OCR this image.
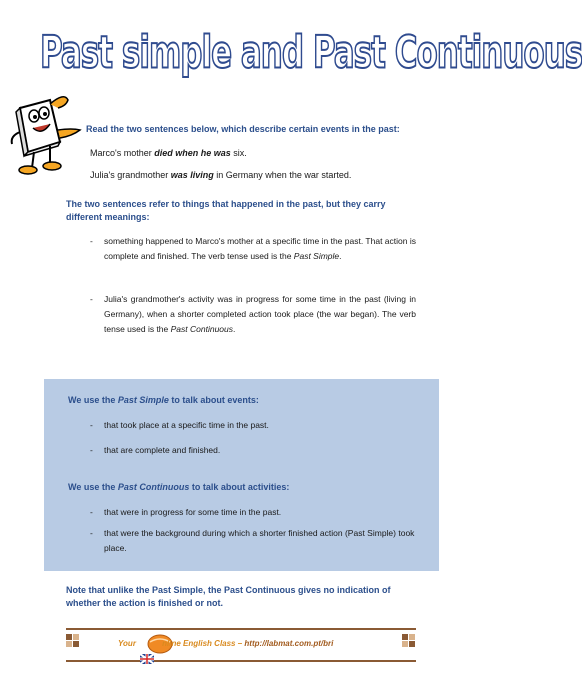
Past simple and Past Continuous
Read the two sentences below, which describe certain events in the past:
Marco's mother died when he was six.
Julia's grandmother was living in Germany when the war started.
The two sentences refer to things that happened in the past, but they carry different meanings:
- something happened to Marco's mother at a specific time in the past. That action is complete and finished. The verb tense used is the Past Simple.
- Julia's grandmother's activity was in progress for some time in the past (living in Germany), when a shorter completed action took place (the war began). The verb tense used is the Past Continuous.
We use the Past Simple to talk about events:
- that took place at a specific time in the past.
- that are complete and finished.
We use the Past Continuous to talk about activities:
- that were in progress for some time in the past.
- that were the background during which a shorter finished action (Past Simple) took place.
Note that unlike the Past Simple, the Past Continuous gives no indication of whether the action is finished or not.
Your	nline English Class – http://labmat.com.pt/bri
